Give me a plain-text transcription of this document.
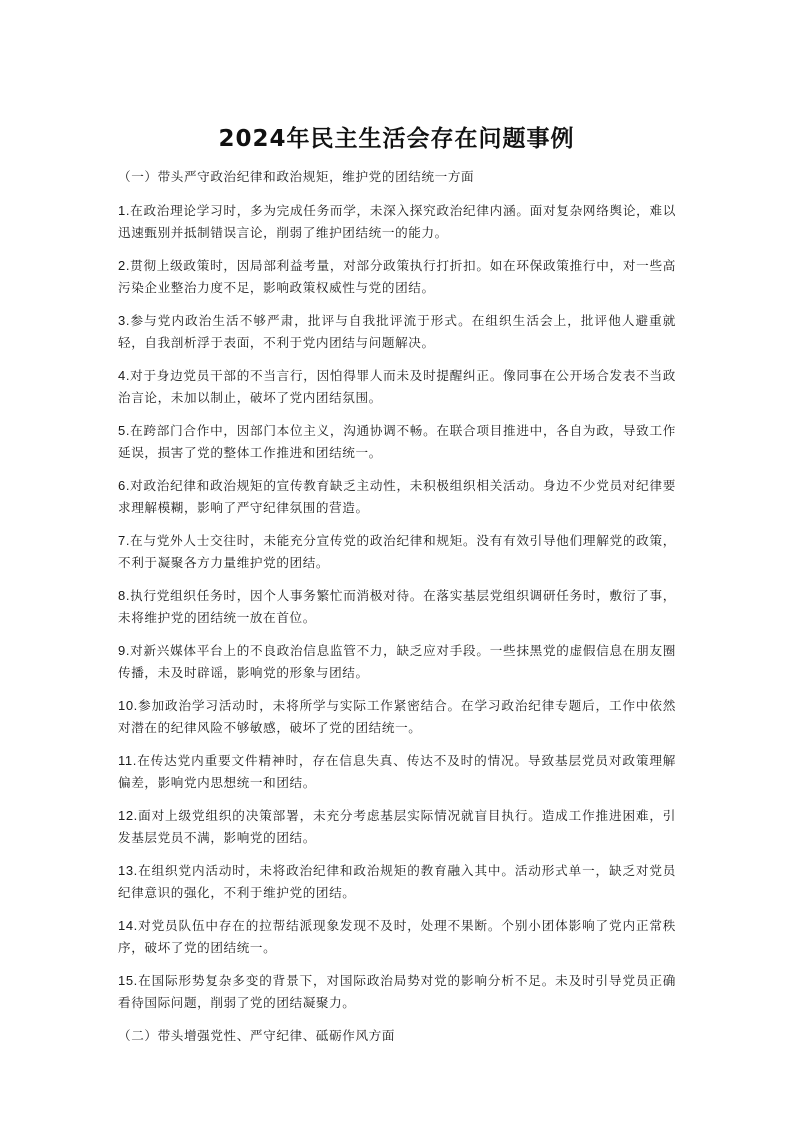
2024年民主生活会存在问题事例

（一）带头严守政治纪律和政治规矩，维护党的团结统一方面

1.在政治理论学习时，多为完成任务而学，未深入探究政治纪律内涵。面对复杂网络舆论，难以迅速甄别并抵制错误言论，削弱了维护团结统一的能力。

2.贯彻上级政策时，因局部利益考量，对部分政策执行打折扣。如在环保政策推行中，对一些高污染企业整治力度不足，影响政策权威性与党的团结。

3.参与党内政治生活不够严肃，批评与自我批评流于形式。在组织生活会上，批评他人避重就轻，自我剖析浮于表面，不利于党内团结与问题解决。

4.对于身边党员干部的不当言行，因怕得罪人而未及时提醒纠正。像同事在公开场合发表不当政治言论，未加以制止，破坏了党内团结氛围。

5.在跨部门合作中，因部门本位主义，沟通协调不畅。在联合项目推进中，各自为政，导致工作延误，损害了党的整体工作推进和团结统一。

6.对政治纪律和政治规矩的宣传教育缺乏主动性，未积极组织相关活动。身边不少党员对纪律要求理解模糊，影响了严守纪律氛围的营造。

7.在与党外人士交往时，未能充分宣传党的政治纪律和规矩。没有有效引导他们理解党的政策，不利于凝聚各方力量维护党的团结。

8.执行党组织任务时，因个人事务繁忙而消极对待。在落实基层党组织调研任务时，敷衍了事，未将维护党的团结统一放在首位。

9.对新兴媒体平台上的不良政治信息监管不力，缺乏应对手段。一些抹黑党的虚假信息在朋友圈传播，未及时辟谣，影响党的形象与团结。

10.参加政治学习活动时，未将所学与实际工作紧密结合。在学习政治纪律专题后，工作中依然对潜在的纪律风险不够敏感，破坏了党的团结统一。

11.在传达党内重要文件精神时，存在信息失真、传达不及时的情况。导致基层党员对政策理解偏差，影响党内思想统一和团结。

12.面对上级党组织的决策部署，未充分考虑基层实际情况就盲目执行。造成工作推进困难，引发基层党员不满，影响党的团结。

13.在组织党内活动时，未将政治纪律和政治规矩的教育融入其中。活动形式单一，缺乏对党员纪律意识的强化，不利于维护党的团结。

14.对党员队伍中存在的拉帮结派现象发现不及时，处理不果断。个别小团体影响了党内正常秩序，破坏了党的团结统一。

15.在国际形势复杂多变的背景下，对国际政治局势对党的影响分析不足。未及时引导党员正确看待国际问题，削弱了党的团结凝聚力。

（二）带头增强党性、严守纪律、砥砺作风方面
